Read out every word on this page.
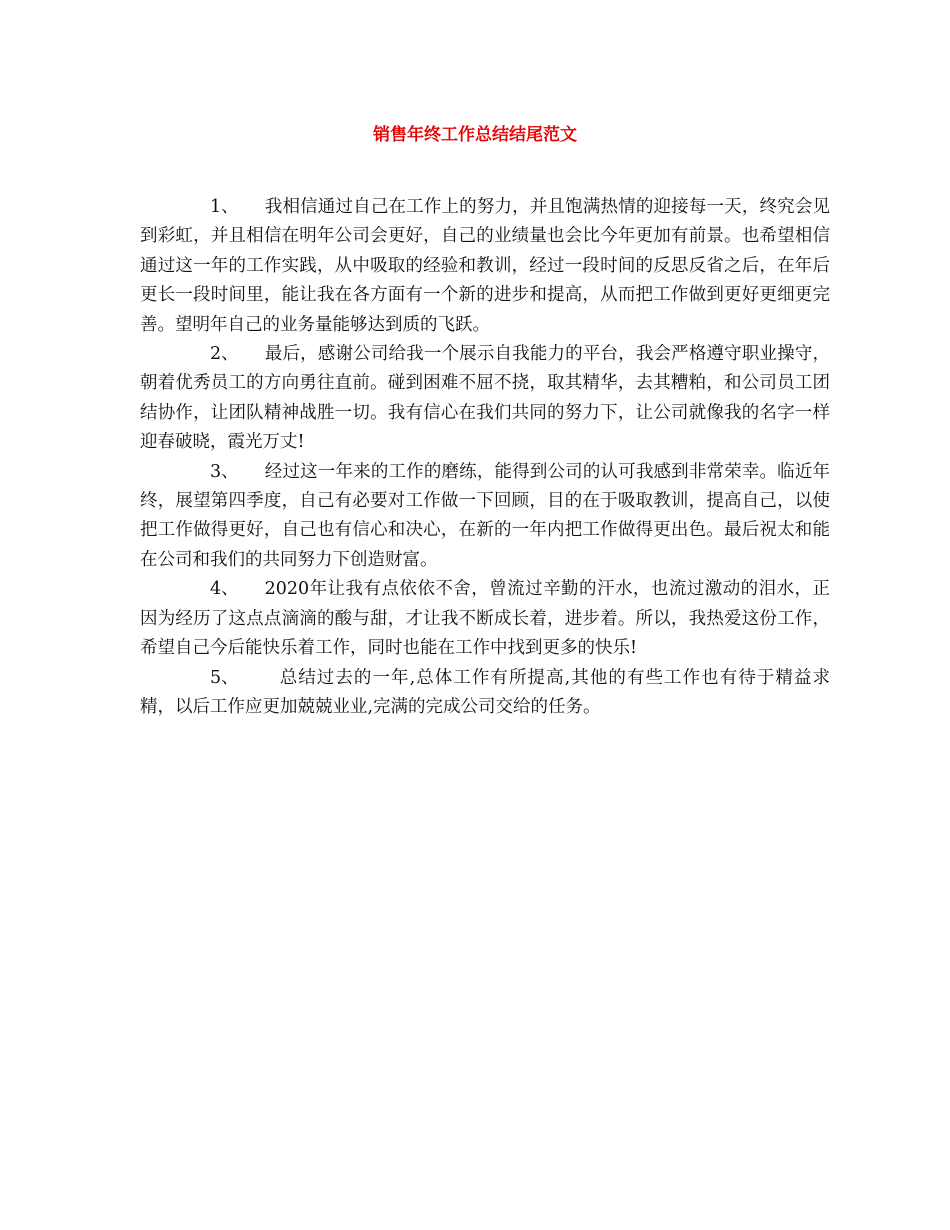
销售年终工作总结结尾范文

1、 我相信通过自己在工作上的努力，并且饱满热情的迎接每一天，终究会见到彩虹，并且相信在明年公司会更好，自己的业绩量也会比今年更加有前景。也希望相信通过这一年的工作实践，从中吸取的经验和教训，经过一段时间的反思反省之后，在年后更长一段时间里，能让我在各方面有一个新的进步和提高，从而把工作做到更好更细更完善。望明年自己的业务量能够达到质的飞跃。

2、 最后，感谢公司给我一个展示自我能力的平台，我会严格遵守职业操守，朝着优秀员工的方向勇往直前。碰到困难不屈不挠，取其精华，去其糟粕，和公司员工团结协作，让团队精神战胜一切。我有信心在我们共同的努力下，让公司就像我的名字一样迎春破晓，霞光万丈!

3、 经过这一年来的工作的磨练，能得到公司的认可我感到非常荣幸。临近年终，展望第四季度，自己有必要对工作做一下回顾，目的在于吸取教训，提高自己，以使把工作做得更好，自己也有信心和决心，在新的一年内把工作做得更出色。最后祝太和能在公司和我们的共同努力下创造财富。

4、 2020年让我有点依依不舍，曾流过辛勤的汗水，也流过激动的泪水，正因为经历了这点点滴滴的酸与甜，才让我不断成长着，进步着。所以，我热爱这份工作，希望自己今后能快乐着工作，同时也能在工作中找到更多的快乐!

5、 总结过去的一年,总体工作有所提高,其他的有些工作也有待于精益求精，以后工作应更加兢兢业业,完满的完成公司交给的任务。
